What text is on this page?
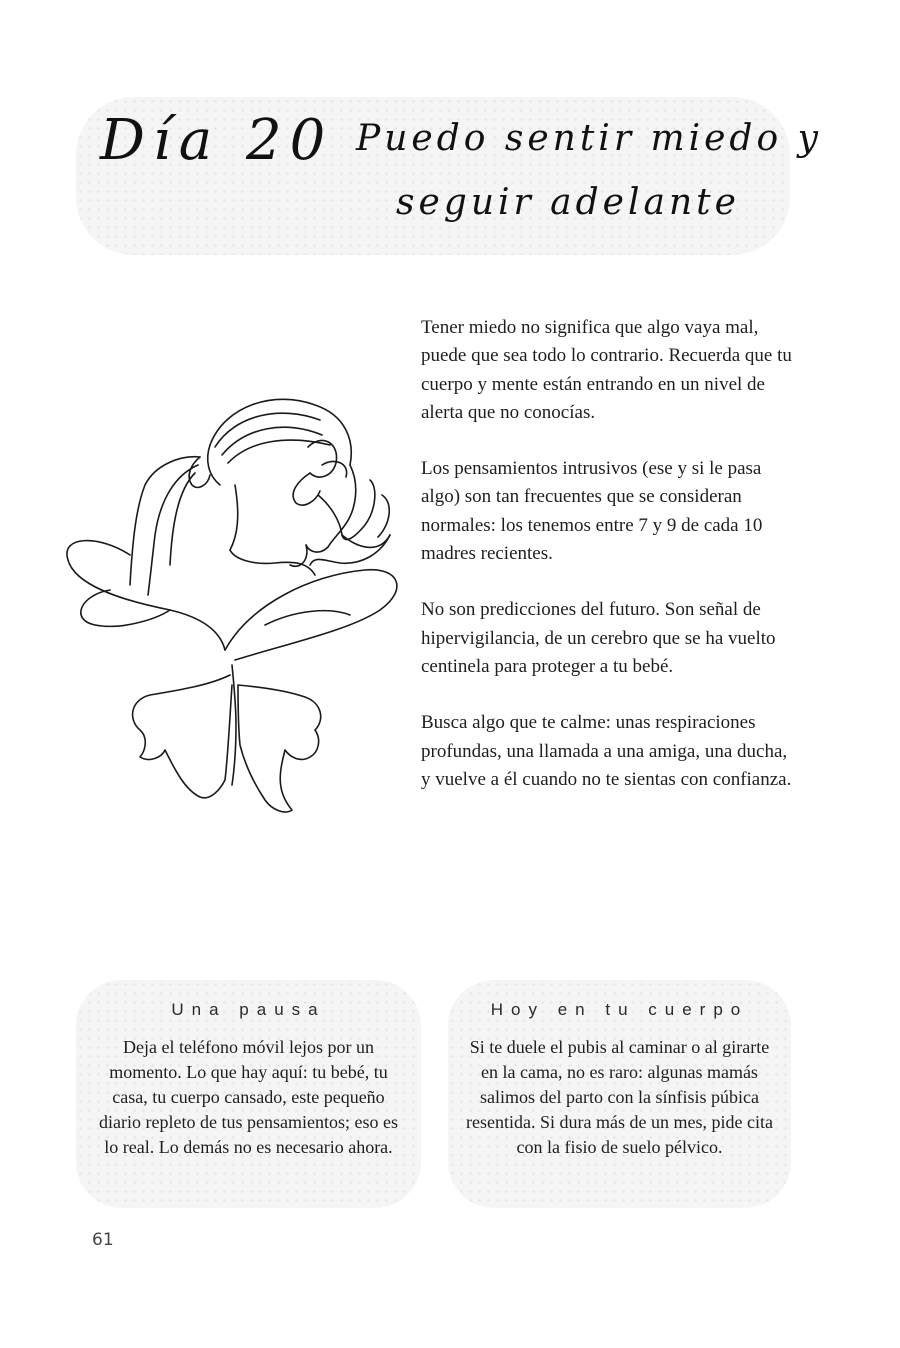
Día 20 Puedo sentir miedo y
seguir adelante

Tener miedo no significa que algo vaya mal, puede que sea todo lo contrario. Recuerda que tu cuerpo y mente están entrando en un nivel de alerta que no conocías.

Los pensamientos intrusivos (ese y si le pasa algo) son tan frecuentes que se consideran normales: los tenemos entre 7 y 9 de cada 10 madres recientes.

No son predicciones del futuro. Son señal de hipervigilancia, de un cerebro que se ha vuelto centinela para proteger a tu bebé.

Busca algo que te calme: unas respiraciones profundas, una llamada a una amiga, una ducha, y vuelve a él cuando no te sientas con confianza.

Una pausa
Deja el teléfono móvil lejos por un momento. Lo que hay aquí: tu bebé, tu casa, tu cuerpo cansado, este pequeño diario repleto de tus pensamientos; eso es lo real. Lo demás no es necesario ahora.
Hoy en tu cuerpo
Si te duele el pubis al caminar o al girarte en la cama, no es raro: algunas mamás salimos del parto con la sínfisis púbica resentida. Si dura más de un mes, pide cita con la fisio de suelo pélvico.
61
